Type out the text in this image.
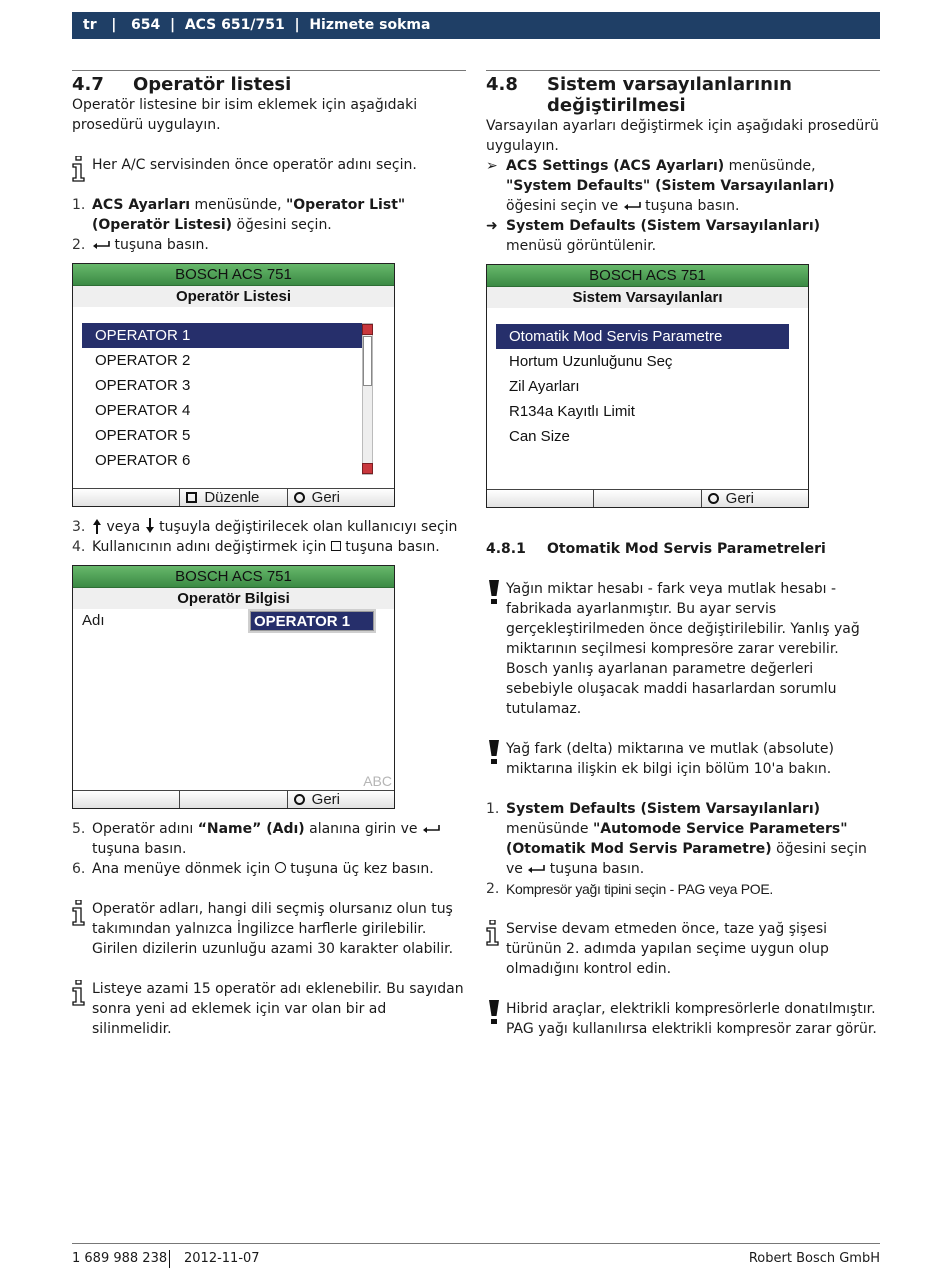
tr   |   654  |  ACS 651/751  |  Hizmete sokma
4.7	Operatör listesi

Operatör listesine bir isim eklemek için aşağıdaki prosedürü uygulayın.

Her A/C servisinden önce operatör adını seçin.
1. ACS Ayarları menüsünde, "Operator List" (Operatör Listesi) öğesini seçin.
2.	tuşuna basın.
BOSCH ACS 751
Operatör Listesi
OPERATOR 1
OPERATOR 2
OPERATOR 3
OPERATOR 4
OPERATOR 5
OPERATOR 6
Düzenle	Geri
3.	veya  tuşuyla değiştirilecek olan kullanıcıyı seçin
4. Kullanıcının adını değiştirmek için  tuşuna basın.
BOSCH ACS 751
Operatör Bilgisi
Adı	OPERATOR 1
ABC
Geri
5. Operatör adını “Name” (Adı) alanına girin ve  tuşuna basın.
6. Ana menüye dönmek için  tuşuna üç kez basın.
Operatör adları, hangi dili seçmiş olursanız olun tuş takımından yalnızca İngilizce harflerle girilebilir. Girilen dizilerin uzunluğu azami 30 karakter olabilir.
Listeye azami 15 operatör adı eklenebilir. Bu sayıdan sonra yeni ad eklemek için var olan bir ad silinmelidir.
4.8	Sistem varsayılanlarının değiştirilmesi

Varsayılan ayarları değiştirmek için aşağıdaki prosedürü uygulayın.

➢ ACS Settings (ACS Ayarları) menüsünde, "System Defaults" (Sistem Varsayılanları) öğesini seçin ve  tuşuna basın.
➜ System Defaults (Sistem Varsayılanları) menüsü görüntülenir.
BOSCH ACS 751
Sistem Varsayılanları
Otomatik Mod Servis Parametre
Hortum Uzunluğunu Seç
Zil Ayarları
R134a Kayıtlı Limit
Can Size
Geri
4.8.1	Otomatik Mod Servis Parametreleri
Yağın miktar hesabı - fark veya mutlak hesabı - fabrikada ayarlanmıştır. Bu ayar servis gerçekleştirilmeden önce değiştirilebilir. Yanlış yağ miktarının seçilmesi kompresöre zarar verebilir. Bosch yanlış ayarlanan parametre değerleri sebebiyle oluşacak maddi hasarlardan sorumlu tutulamaz.
Yağ fark (delta) miktarına ve mutlak (absolute) miktarına ilişkin ek bilgi için bölüm 10'a bakın.
1. System Defaults (Sistem Varsayılanları) menüsünde "Automode Service Parameters" (Otomatik Mod Servis Parametre) öğesini seçin ve  tuşuna basın.
2. Kompresör yağı tipini seçin - PAG veya POE.
Servise devam etmeden önce, taze yağ şişesi türünün 2. adımda yapılan seçime uygun olup olmadığını kontrol edin.
Hibrid araçlar, elektrikli kompresörlerle donatılmıştır. PAG yağı kullanılırsa elektrikli kompresör zarar görür.
1 689 988 238 2012-11-07	Robert Bosch GmbH
